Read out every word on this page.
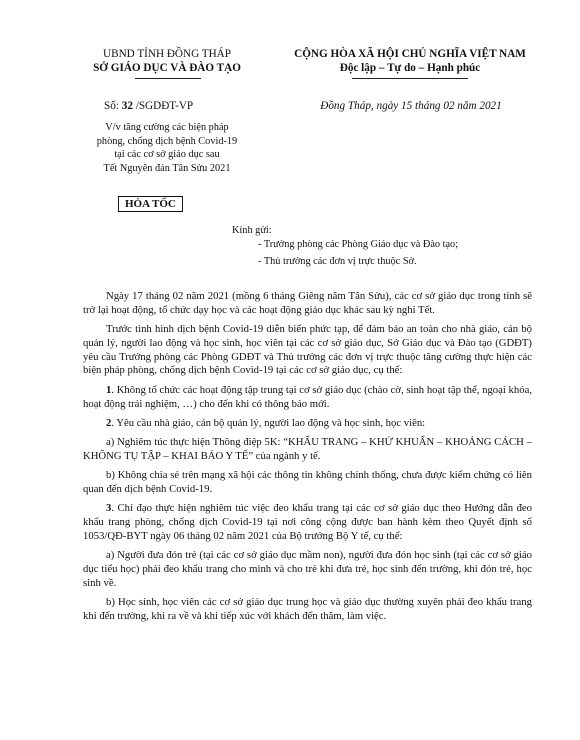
UBND TỈNH ĐỒNG THÁP
SỞ GIÁO DỤC VÀ ĐÀO TẠO
Số: 32 /SGDĐT-VP
V/v tăng cường các biện pháp
phòng, chống dịch bệnh Covid-19
tại các cơ sở giáo dục sau
Tết Nguyên đán Tân Sửu 2021
HỎA TỐC
CỘNG HÒA XÃ HỘI CHỦ NGHĨA VIỆT NAM
Độc lập – Tự do – Hạnh phúc
Đồng Tháp, ngày 15 tháng 02 năm 2021
Kính gửi:
- Trưởng phòng các Phòng Giáo dục và Đào tạo;
- Thủ trưởng các đơn vị trực thuộc Sở.

Ngày 17 tháng 02 năm 2021 (mồng 6 tháng Giêng năm Tân Sửu), các cơ sở giáo dục trong tỉnh sẽ trở lại hoạt động, tổ chức dạy học và các hoạt động giáo dục khác sau kỳ nghỉ Tết.

Trước tình hình dịch bệnh Covid-19 diễn biến phức tạp, để đảm bảo an toàn cho nhà giáo, cán bộ quản lý, người lao động và học sinh, học viên tại các cơ sở giáo dục, Sở Giáo dục và Đào tạo (GDĐT) yêu cầu Trưởng phòng các Phòng GDĐT và Thủ trưởng các đơn vị trực thuộc tăng cường thực hiện các biện pháp phòng, chống dịch bệnh Covid-19 tại các cơ sở giáo dục, cụ thể:

1. Không tổ chức các hoạt động tập trung tại cơ sở giáo dục (chào cờ, sinh hoạt tập thể, ngoại khóa, hoạt động trải nghiệm, …) cho đến khi có thông báo mới.

2. Yêu cầu nhà giáo, cán bộ quản lý, người lao động và học sinh, học viên:

a) Nghiêm túc thực hiện Thông điệp 5K: “KHẨU TRANG – KHỬ KHUẨN – KHOẢNG CÁCH – KHÔNG TỤ TẬP – KHAI BÁO Y TẾ” của ngành y tế.

b) Không chia sẻ trên mạng xã hội các thông tin không chính thống, chưa được kiểm chứng có liên quan đến dịch bệnh Covid-19.

3. Chỉ đạo thực hiện nghiêm túc việc đeo khẩu trang tại các cơ sở giáo dục theo Hướng dẫn đeo khẩu trang phòng, chống dịch Covid-19 tại nơi công cộng được ban hành kèm theo Quyết định số 1053/QĐ-BYT ngày 06 tháng 02 năm 2021 của Bộ trưởng Bộ Y tế, cụ thể:

a) Người đưa đón trẻ (tại các cơ sở giáo dục mầm non), người đưa đón học sinh (tại các cơ sở giáo dục tiểu học) phải đeo khẩu trang cho mình và cho trẻ khi đưa trẻ, học sinh đến trường, khi đón trẻ, học sinh về.

b) Học sinh, học viên các cơ sở giáo dục trung học và giáo dục thường xuyên phải đeo khẩu trang khi đến trường, khi ra về và khi tiếp xúc với khách đến thăm, làm việc.
